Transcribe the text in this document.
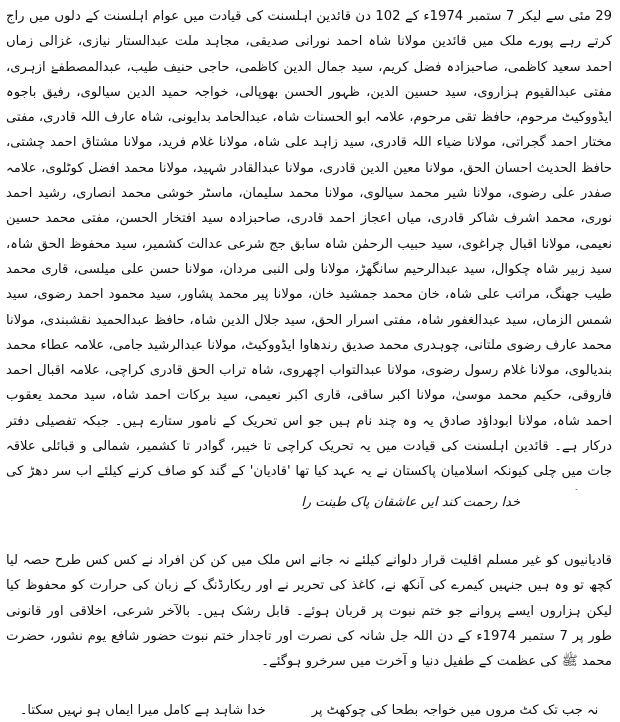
29 مئی سے لیکر 7 ستمبر 1974ء کے 102 دن قائدین اہلسنت کی قیادت میں عوام اہلسنت کے دلوں میں راج کرتے رہے پورے ملک میں قائدین مولانا شاہ احمد نورانی صدیقی، مجاہد ملت عبدالستار نیازی، غزالی زماں احمد سعید کاظمی، صاحبزادہ فضل کریم، سید جمال الدین کاظمی، حاجی حنیف طیب، عبدالمصطفےٰ ازہری، مفتی عبدالقیوم ہزاروی، سید حسین الدین، ظہور الحسن بھوپالی، خواجہ حمید الدین سیالوی، رفیق باجوہ ایڈووکیٹ مرحوم، حافظ تقی مرحوم، علامہ ابو الحسنات شاہ، عبدالحامد بدایونی، شاہ عارف اللہ قادری، مفتی مختار احمد گجراتی، مولانا ضیاء اللہ قادری، سید زاہد علی شاہ، مولانا غلام فرید، مولانا مشتاق احمد چشتی، حافظ الحدیث احسان الحق، مولانا معین الدین قادری، مولانا عبدالقادر شہید، مولانا محمد افضل کوٹلوی، علامہ صفدر علی رضوی، مولانا شیر محمد سیالوی، مولانا محمد سلیمان، ماسٹر خوشی محمد انصاری، رشید احمد نوری، محمد اشرف شاکر قادری، میاں اعجاز احمد قادری، صاحبزادہ سید افتخار الحسن، مفتی محمد حسین نعیمی، مولانا اقبال چراغوی، سید حبیب الرحمٰن شاہ سابق جج شرعی عدالت کشمیر، سید محفوظ الحق شاہ، سید زبیر شاہ چکوال، سید عبدالرحیم سانگھڑ، مولانا ولی النبی مردان، مولانا حسن علی میلسی، قاری محمد طیب جھنگ، مراتب علی شاہ، خان محمد جمشید خان، مولانا پیر محمد پشاور، سید محمود احمد رضوی، سید شمس الزماں، سید عبدالغفور شاہ، مفتی اسرار الحق، سید جلال الدین شاہ، حافظ عبدالحمید نقشبندی، مولانا محمد عارف رضوی ملتانی، چوہدری محمد صدیق رندھاوا ایڈووکیٹ، مولانا عبدالرشید جامی، علامہ عطاء محمد بندیالوی، مولانا غلام رسول رضوی، مولانا عبدالتواب اچھروی، شاہ تراب الحق قادری کراچی، علامہ اقبال احمد فاروقی، حکیم محمد موسیٰ، مولانا اکبر ساقی، قاری اکبر نعیمی، سید برکات احمد شاہ، سید محمد یعقوب احمد شاہ، مولانا ابوداؤد صادق یہ وہ چند نام ہیں جو اس تحریک کے نامور ستارے ہیں۔ جبکہ تفصیلی دفتر درکار ہے۔ قائدین اہلسنت کی قیادت میں یہ تحریک کراچی تا خیبر، گوادر تا کشمیر، شمالی و قبائلی علاقہ جات میں چلی کیونکہ اسلامیان پاکستان نے یہ عہد کیا تھا 'قادیان' کے گند کو صاف کرنے کیلئے اب سر دھڑ کی

خدا رحمت کند ایں عاشقان پاک طینت را

قادیانیوں کو غیر مسلم اقلیت قرار دلوانے کیلئے نہ جانے اس ملک میں کن کن افراد نے کس کس طرح حصہ لیا کچھ تو وہ ہیں جنہیں کیمرے کی آنکھ نے، کاغذ کی تحریر نے اور ریکارڈنگ کے زبان کی حرارت کو محفوظ کیا لیکن ہزاروں ایسے پروانے جو ختم نبوت پر قربان ہوئے۔ قابل رشک ہیں۔ بالآخر شرعی، اخلاقی اور قانونی طور پر 7 ستمبر 1974ء کے دن اللہ جل شانہ کی نصرت اور تاجدار ختم نبوت حضور شافع یوم نشور، حضرت محمد ﷺ کی عظمت کے طفیل دنیا و آخرت میں سرخرو ہوگئے۔

نہ جب تک کٹ مروں میں خواجہ بطحا کی چوکھٹ پر
خدا شاہد ہے کامل میرا ایماں ہو نہیں سکتا۔
